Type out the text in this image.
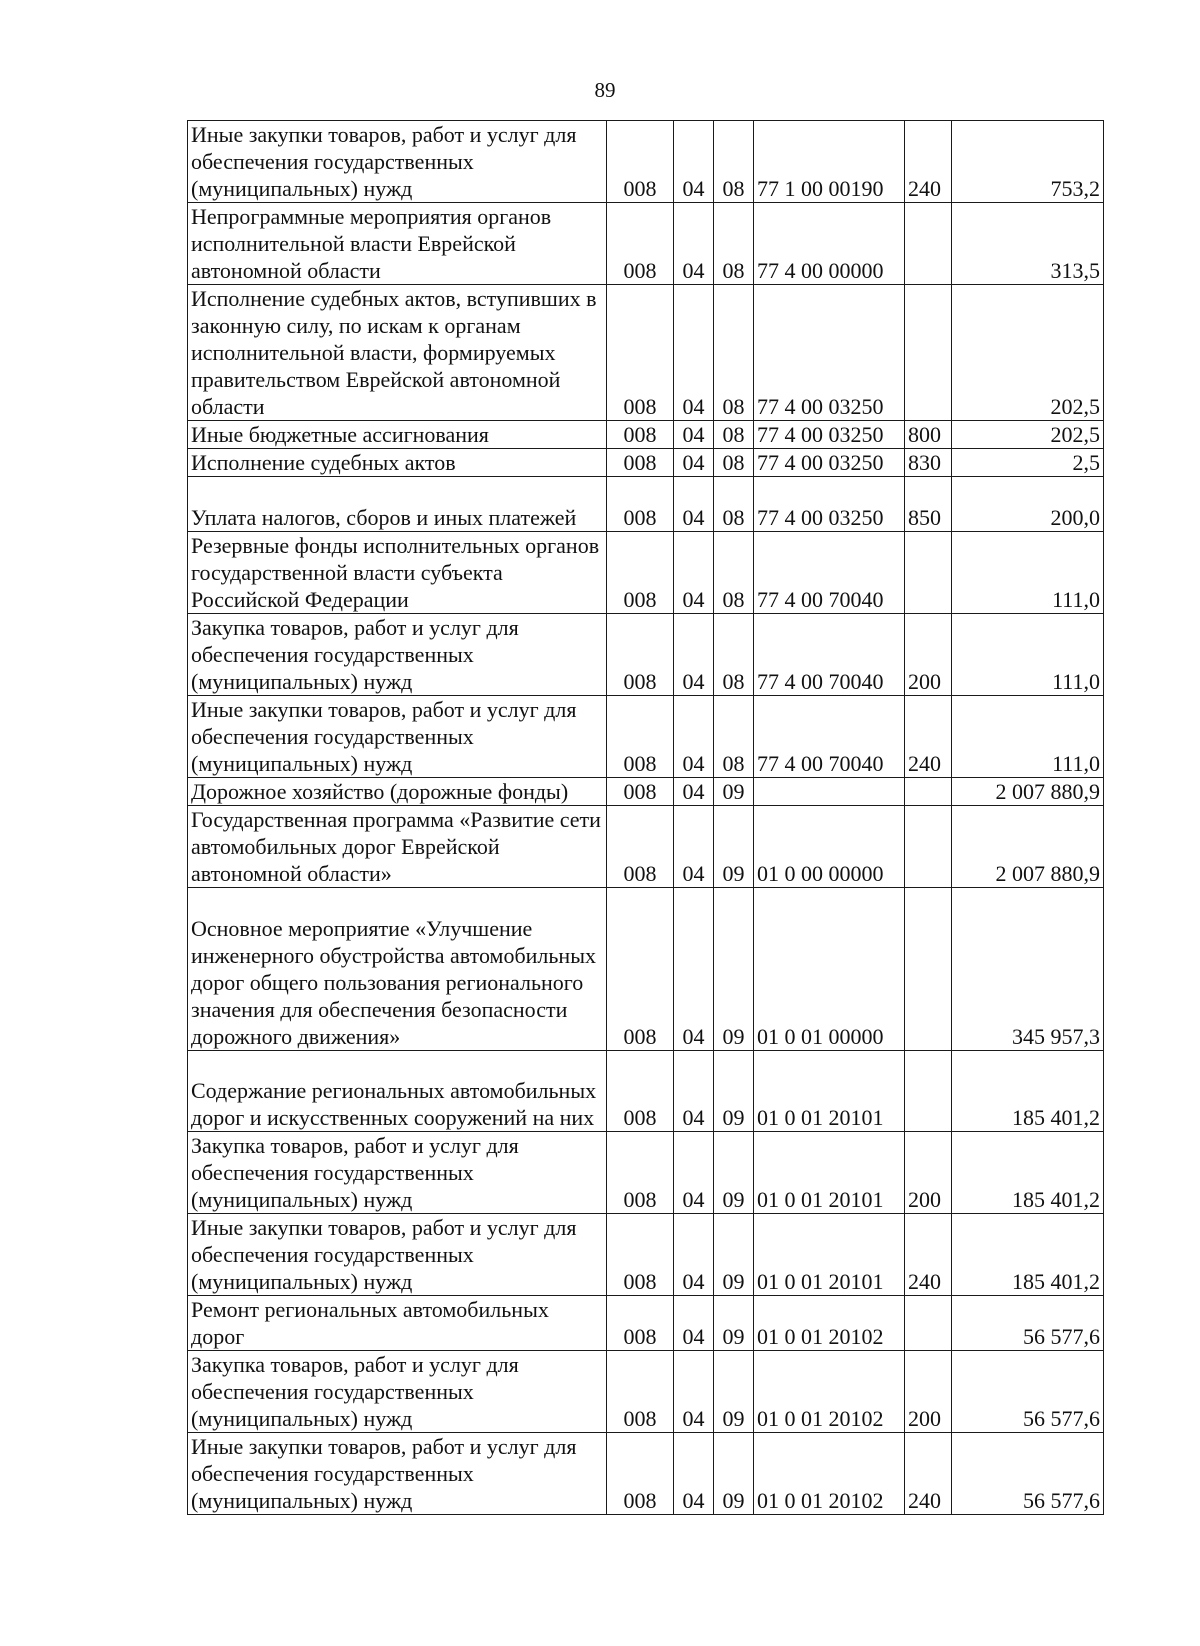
89
Иные закупки товаров, работ и услуг для обеспечения государственных (муниципальных) нужд	008	04	08	77 1 00 00190	240	753,2
Непрограммные мероприятия органов исполнительной власти Еврейской автономной области	008	04	08	77 4 00 00000		313,5
Исполнение судебных актов, вступивших в законную силу, по искам к органам исполнительной власти, формируемых правительством Еврейской автономной области	008	04	08	77 4 00 03250		202,5
Иные бюджетные ассигнования	008	04	08	77 4 00 03250	800	202,5
Исполнение судебных актов	008	04	08	77 4 00 03250	830	2,5
Уплата налогов, сборов и иных платежей	008	04	08	77 4 00 03250	850	200,0
Резервные фонды исполнительных органов государственной власти субъекта Российской Федерации	008	04	08	77 4 00 70040		111,0
Закупка товаров, работ и услуг для обеспечения государственных (муниципальных) нужд	008	04	08	77 4 00 70040	200	111,0
Иные закупки товаров, работ и услуг для обеспечения государственных (муниципальных) нужд	008	04	08	77 4 00 70040	240	111,0
Дорожное хозяйство (дорожные фонды)	008	04	09			2 007 880,9
Государственная программа «Развитие сети автомобильных дорог Еврейской автономной области»	008	04	09	01 0 00 00000		2 007 880,9
Основное мероприятие «Улучшение инженерного обустройства автомобильных дорог общего пользования регионального значения для обеспечения безопасности дорожного движения»	008	04	09	01 0 01 00000		345 957,3
Содержание региональных автомобильных дорог и искусственных сооружений на них	008	04	09	01 0 01 20101		185 401,2
Закупка товаров, работ и услуг для обеспечения государственных (муниципальных) нужд	008	04	09	01 0 01 20101	200	185 401,2
Иные закупки товаров, работ и услуг для обеспечения государственных (муниципальных) нужд	008	04	09	01 0 01 20101	240	185 401,2
Ремонт региональных автомобильных дорог	008	04	09	01 0 01 20102		56 577,6
Закупка товаров, работ и услуг для обеспечения государственных (муниципальных) нужд	008	04	09	01 0 01 20102	200	56 577,6
Иные закупки товаров, работ и услуг для обеспечения государственных (муниципальных) нужд	008	04	09	01 0 01 20102	240	56 577,6
